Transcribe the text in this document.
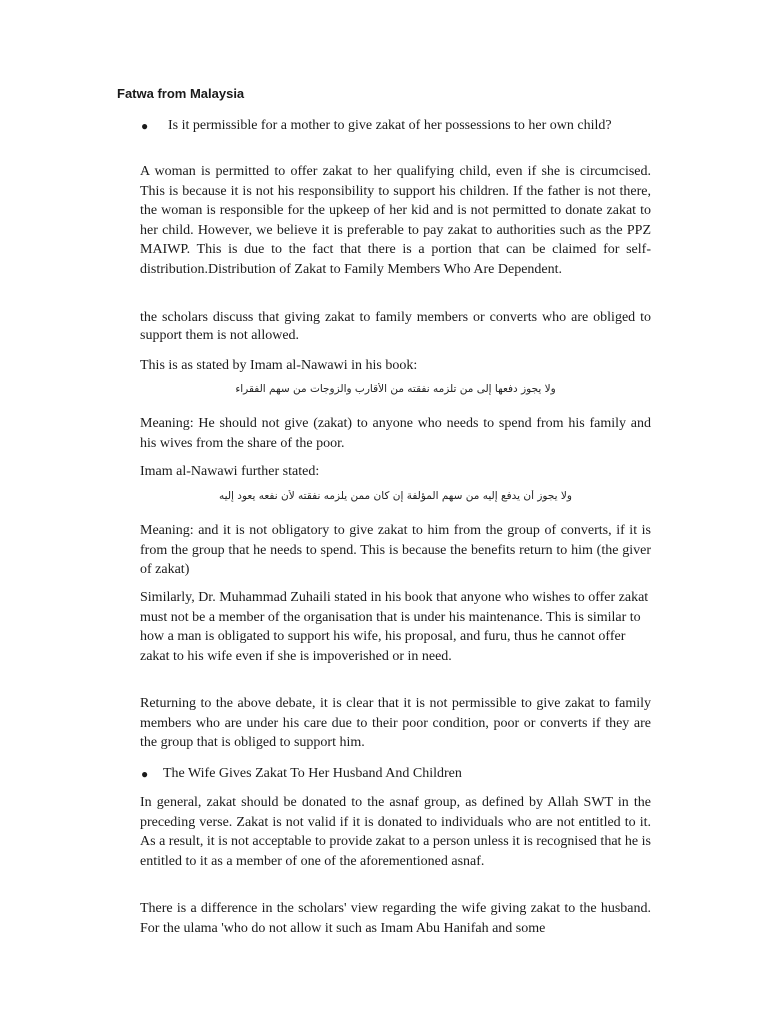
Fatwa from Malaysia
●	Is it permissible for a mother to give zakat of her possessions to her own child?

A woman is permitted to offer zakat to her qualifying child, even if she is circumcised. This is because it is not his responsibility to support his children. If the father is not there, the woman is responsible for the upkeep of her kid and is not permitted to donate zakat to her child. However, we believe it is preferable to pay zakat to authorities such as the PPZ MAIWP. This is due to the fact that there is a portion that can be claimed for self-distribution.Distribution of Zakat to Family Members Who Are Dependent.

the scholars discuss that giving zakat to family members or converts who are obliged to support them is not allowed.

This is as stated by Imam al-Nawawi in his book:

ولا يجوز دفعها إلى من تلزمه نفقته من الأقارب والزوجات من سهم الفقراء

Meaning: He should not give (zakat) to anyone who needs to spend from his family and his wives from the share of the poor.

Imam al-Nawawi further stated:

ولا يجوز أن يدفع إليه من سهم المؤلفة إن كان ممن يلزمه نفقته لأن نفعه يعود إليه

Meaning: and it is not obligatory to give zakat to him from the group of converts, if it is from the group that he needs to spend. This is because the benefits return to him (the giver of zakat)

Similarly, Dr. Muhammad Zuhaili stated in his book that anyone who wishes to offer zakat must not be a member of the organisation that is under his maintenance. This is similar to how a man is obligated to support his wife, his proposal, and furu, thus he cannot offer zakat to his wife even if she is impoverished or in need.

Returning to the above debate, it is clear that it is not permissible to give zakat to family members who are under his care due to their poor condition, poor or converts if they are the group that is obliged to support him.

●	The Wife Gives Zakat To Her Husband And Children

In general, zakat should be donated to the asnaf group, as defined by Allah SWT in the preceding verse. Zakat is not valid if it is donated to individuals who are not entitled to it. As a result, it is not acceptable to provide zakat to a person unless it is recognised that he is entitled to it as a member of one of the aforementioned asnaf.

There is a difference in the scholars' view regarding the wife giving zakat to the husband. For the ulama 'who do not allow it such as Imam Abu Hanifah and some
